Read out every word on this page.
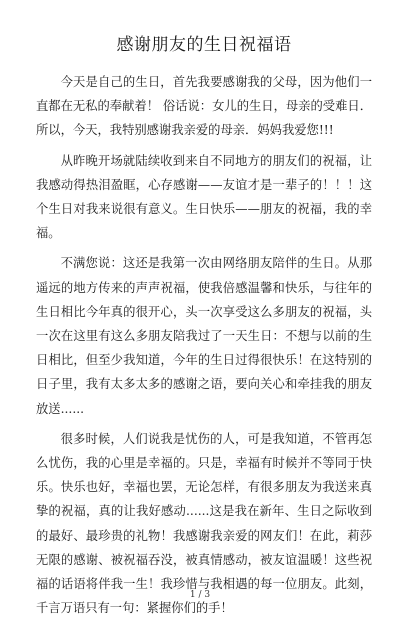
感谢朋友的生日祝福语

今天是自己的生日，首先我要感谢我的父母，因为他们一直都在无私的奉献着！ 俗话说：女儿的生日，母亲的受难日．所以，今天，我特别感谢我亲爱的母亲．妈妈我爱您!!!

从昨晚开场就陆续收到来自不同地方的朋友们的祝福，让我感动得热泪盈眶，心存感谢——友谊才是一辈子的！！！这个生日对我来说很有意义。生日快乐——朋友的祝福，我的幸福。

不满您说：这还是我第一次由网络朋友陪伴的生日。从那遥远的地方传来的声声祝福，使我倍感温馨和快乐，与往年的生日相比今年真的很开心，头一次享受这么多朋友的祝福，头一次在这里有这么多朋友陪我过了一天生日：不想与以前的生日相比，但至少我知道，今年的生日过得很快乐！在这特别的日子里，我有太多太多的感谢之语，要向关心和牵挂我的朋友放送......

很多时候，人们说我是忧伤的人，可是我知道，不管再怎么忧伤，我的心里是幸福的。只是，幸福有时候并不等同于快乐。快乐也好，幸福也罢，无论怎样，有很多朋友为我送来真挚的祝福，真的让我好感动......这是我在新年、生日之际收到的最好、最珍贵的礼物！我感谢我亲爱的网友们！在此，莉莎无限的感谢、被祝福吞没，被真情感动，被友谊温暖！这些祝福的话语将伴我一生！我珍惜与我相遇的每一位朋友。此刻，千言万语只有一句：紧握你们的手！

1 / 3
